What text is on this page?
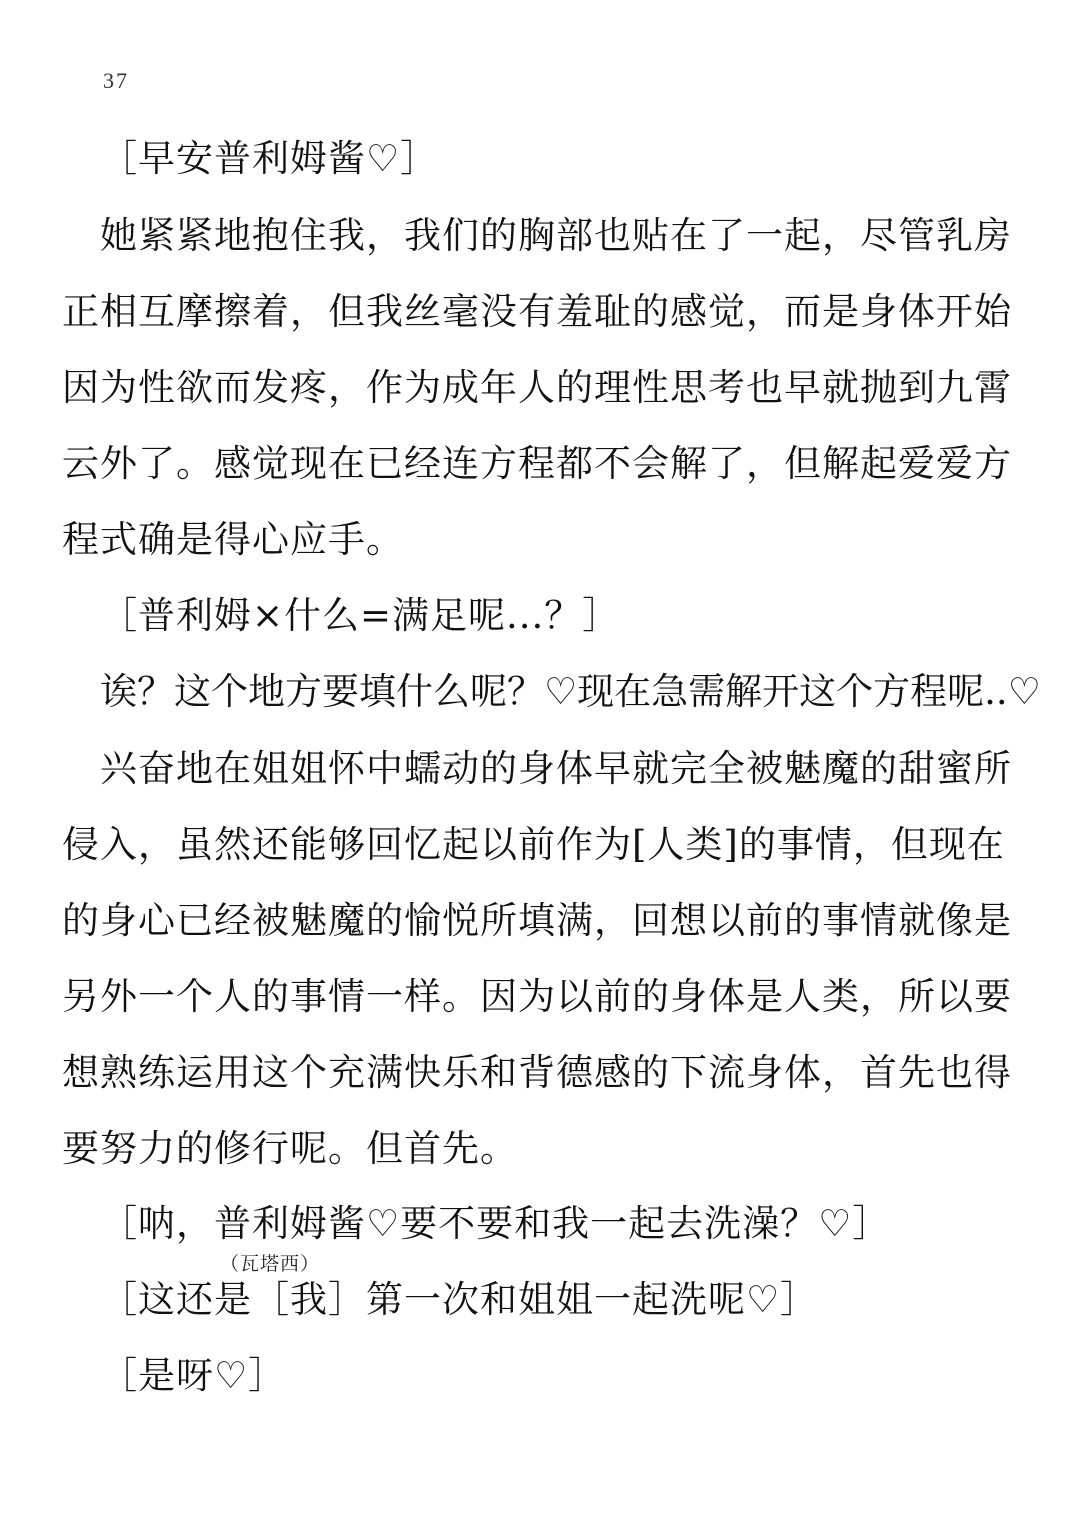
37
［早安普利姆酱♡］
她紧紧地抱住我，我们的胸部也贴在了一起，尽管乳房
正相互摩擦着，但我丝毫没有羞耻的感觉，而是身体开始
因为性欲而发疼，作为成年人的理性思考也早就抛到九霄
云外了。感觉现在已经连方程都不会解了，但解起爱爱方
程式确是得心应手。
［普利姆×什么=满足呢...？］
诶？这个地方要填什么呢？♡现在急需解开这个方程呢..♡
兴奋地在姐姐怀中蠕动的身体早就完全被魅魔的甜蜜所
侵入，虽然还能够回忆起以前作为[人类]的事情，但现在
的身心已经被魅魔的愉悦所填满，回想以前的事情就像是
另外一个人的事情一样。因为以前的身体是人类，所以要
想熟练运用这个充满快乐和背德感的下流身体，首先也得
要努力的修行呢。但首先。
［呐，普利姆酱♡要不要和我一起去洗澡？♡］
（瓦塔西）
［这还是［我］第一次和姐姐一起洗呢♡］
［是呀♡］
